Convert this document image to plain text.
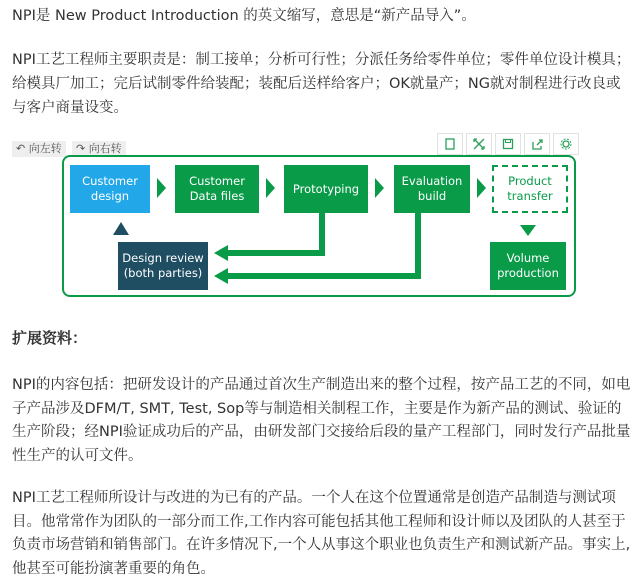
NPI是 New Product Introduction 的英文缩写，意思是“新产品导入”。
NPI工艺工程师主要职责是：制工接单；分析可行性；分派任务给零件单位；零件单位设计模具；给模具厂加工；完后试制零件给装配；装配后送样给客户；OK就量产；NG就对制程进行改良或与客户商量设变。
↶ 向左转	↷ 向右转
Customer design
Customer Data files
Prototyping
Evaluation build
Product transfer
Design review (both parties)
Volume production
扩展资料：
NPI的内容包括：把研发设计的产品通过首次生产制造出来的整个过程，按产品工艺的不同，如电子产品涉及DFM/T, SMT, Test, Sop等与制造相关制程工作，主要是作为新产品的测试、验证的生产阶段；经NPI验证成功后的产品，由研发部门交接给后段的量产工程部门，同时发行产品批量性生产的认可文件。
NPI工艺工程师所设计与改进的为已有的产品。一个人在这个位置通常是创造产品制造与测试项目。他常常作为团队的一部分而工作,工作内容可能包括其他工程师和设计师以及团队的人甚至于负责市场营销和销售部门。在许多情况下,一个人从事这个职业也负责生产和测试新产品。事实上,他甚至可能扮演著重要的角色。
